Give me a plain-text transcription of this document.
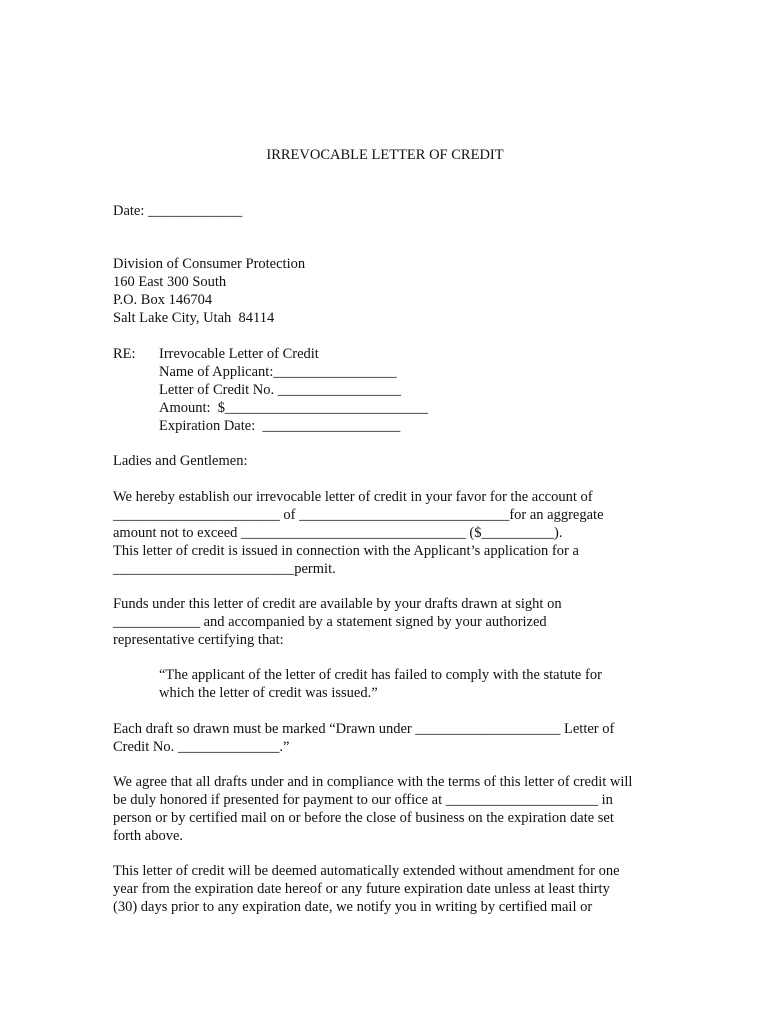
IRREVOCABLE LETTER OF CREDIT
Date: _____________
Division of Consumer Protection
160 East 300 South
P.O. Box 146704
Salt Lake City, Utah  84114
RE: Irrevocable Letter of Credit
Name of Applicant:_________________
Letter of Credit No. _________________
Amount:  $____________________________
Expiration Date:  ___________________
Ladies and Gentlemen:
We hereby establish our irrevocable letter of credit in your favor for the account of
_______________________ of _____________________________for an aggregate
amount not to exceed _______________________________ ($__________).
This letter of credit is issued in connection with the Applicant’s application for a
_________________________permit.
Funds under this letter of credit are available by your drafts drawn at sight on
____________ and accompanied by a statement signed by your authorized
representative certifying that:
“The applicant of the letter of credit has failed to comply with the statute for
which the letter of credit was issued.”
Each draft so drawn must be marked “Drawn under ____________________ Letter of
Credit No. ______________.”
We agree that all drafts under and in compliance with the terms of this letter of credit will
be duly honored if presented for payment to our office at _____________________ in
person or by certified mail on or before the close of business on the expiration date set
forth above.
This letter of credit will be deemed automatically extended without amendment for one
year from the expiration date hereof or any future expiration date unless at least thirty
(30) days prior to any expiration date, we notify you in writing by certified mail or
